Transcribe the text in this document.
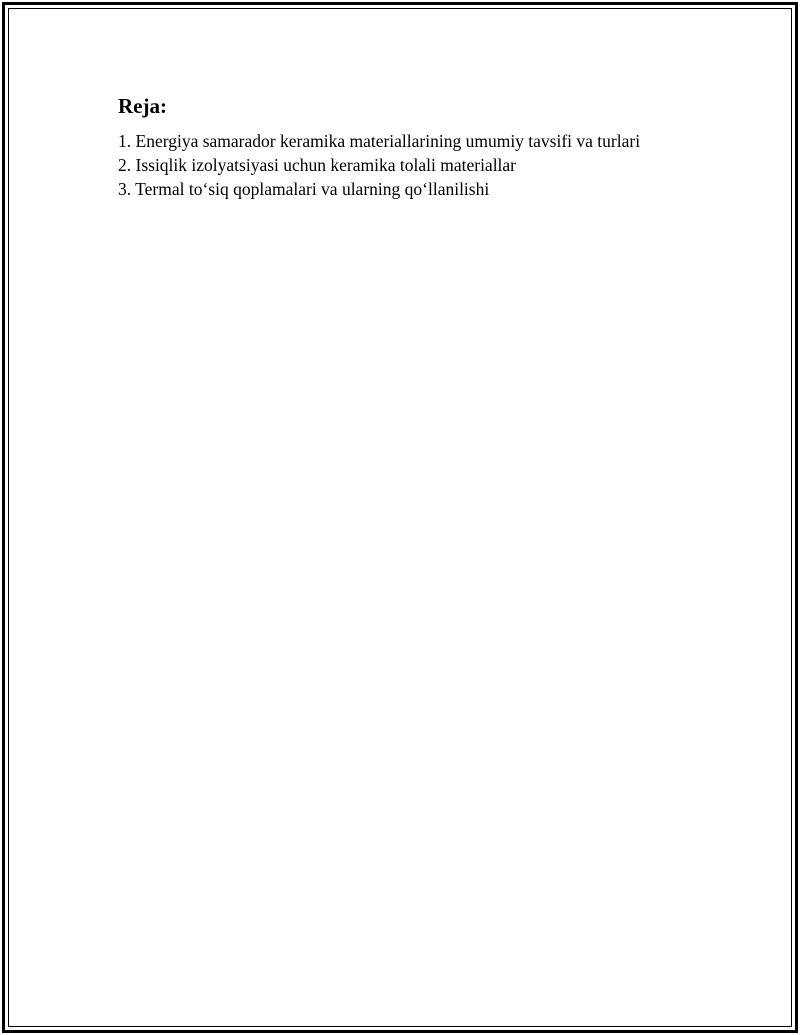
Reja:
1. Energiya samarador keramika materiallarining umumiy tavsifi va turlari
2. Issiqlik izolyatsiyasi uchun keramika tolali materiallar
3. Termal to‘siq qoplamalari va ularning qo‘llanilishi
